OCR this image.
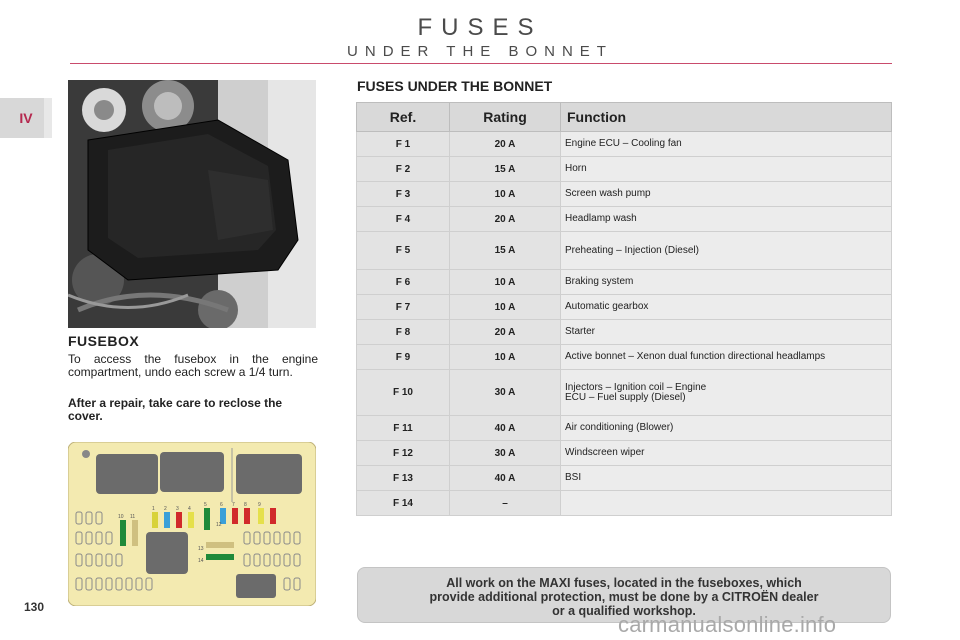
FUSES
UNDER THE BONNET
IV
130
FUSEBOX
To access the fusebox in the engine compartment, undo each screw a 1/4 turn.
After a repair, take care to reclose the cover.
10 11
1 2 3 4
5	6 7 8 9
12
13
14
FUSES UNDER THE BONNET
Ref.	Rating	Function
F 1	20 A	Engine ECU – Cooling fan
F 2	15 A	Horn
F 3	10 A	Screen wash pump
F 4	20 A	Headlamp wash
F 5	15 A	Preheating – Injection (Diesel)
F 6	10 A	Braking system
F 7	10 A	Automatic gearbox
F 8	20 A	Starter
F 9	10 A	Active bonnet – Xenon dual function directional headlamps
F 10	30 A	Injectors – Ignition coil – Engine
ECU – Fuel supply (Diesel)

F 11	40 A	Air conditioning (Blower)
F 12	30 A	Windscreen wiper
F 13	40 A	BSI
F 14	–	
All work on the MAXI fuses, located in the fuseboxes, which
provide additional protection, must be done by a CITROËN dealer
or a qualified workshop.
carmanualsonline.info
